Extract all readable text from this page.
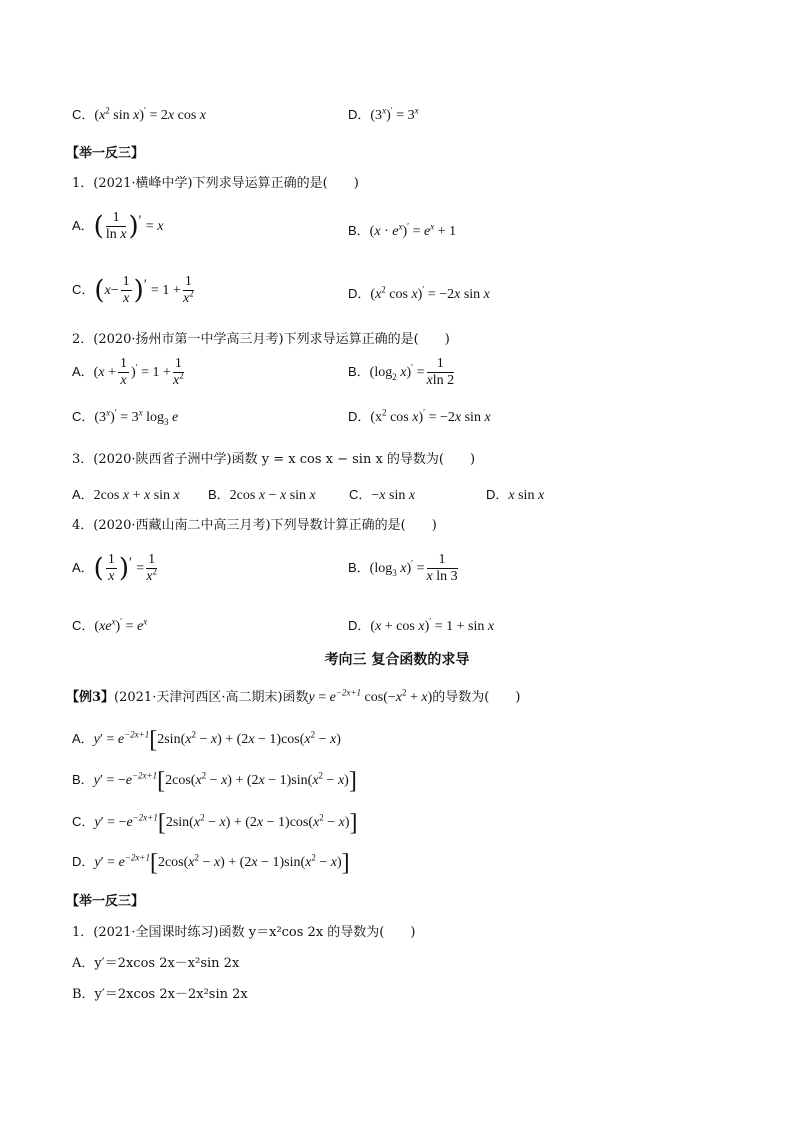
C．($x^2$ sin x)′ = 2x cos x	D．$(3^x)' = 3^x$
【举一反三】
1．(2021·横峰中学)下列求导运算正确的是(　　)
A．( $\frac{1}{\text{ln x}} )' = x$	B．$(x \cdot e^x)' = e^x + 1$
C．$(x- \frac{1}{x} )' = 1 + \frac{1}{x^2}$	D．($x^2$ cos x)′ = −2x sin x
2．(2020·扬州市第一中学高三月考)下列求导运算正确的是(　　)
A．$(x + \frac{1}{x} )' = 1 + \frac{1}{x^2}$	B．($\log_2$ $x)' = \frac{1}{xln 2}$
C．$(3^x)' = 3^x$ $\log_3 e$	D．($x^2$ cos x)′ = −2x sin x
3．(2020·陕西省子洲中学)函数 y = x cos x − sin x 的导数为(　　)
A．2cos x + x sin x B．2cos x − x sin x	C．−x sin x	D．x sin x
4．(2020·西藏山南二中高三月考)下列导数计算正确的是(　　)
A．( $\frac{1}{x} )' = \frac{1}{x^2}$	B．($\log_3$ $x)' = \frac{1}{\text{x ln 3}}$
C．$(xe^x)' = e^x$	D．(x + cos x)′ = 1 + sin x
考向三 复合函数的求导
【例3】(2021·天津河西区·高二期末)函数$y = e^{-2x+1}$ $\cos(-x^2 + x)$的导数为(　　)
A．$y' = e^{-2x+1}[2\sin(x^2 - x) + (2x - 1)\cos(x^2 - x)$
B．$y' = -e^{-2x+1}[2\cos(x^2 - x) + (2x - 1)\sin(x^2 - x)]$
C．$y' = -e^{-2x+1}[2\sin(x^2 - x) + (2x - 1)\cos(x^2 - x)]$
D．$y' = e^{-2x+1}[2\cos(x^2 - x) + (2x - 1)\sin(x^2 - x)]$
【举一反三】
1．(2021·全国课时练习)函数 y＝x²cos 2x 的导数为(　　)
A．y′＝2xcos 2x－x²sin 2x
B．y′＝2xcos 2x－2x²sin 2x
